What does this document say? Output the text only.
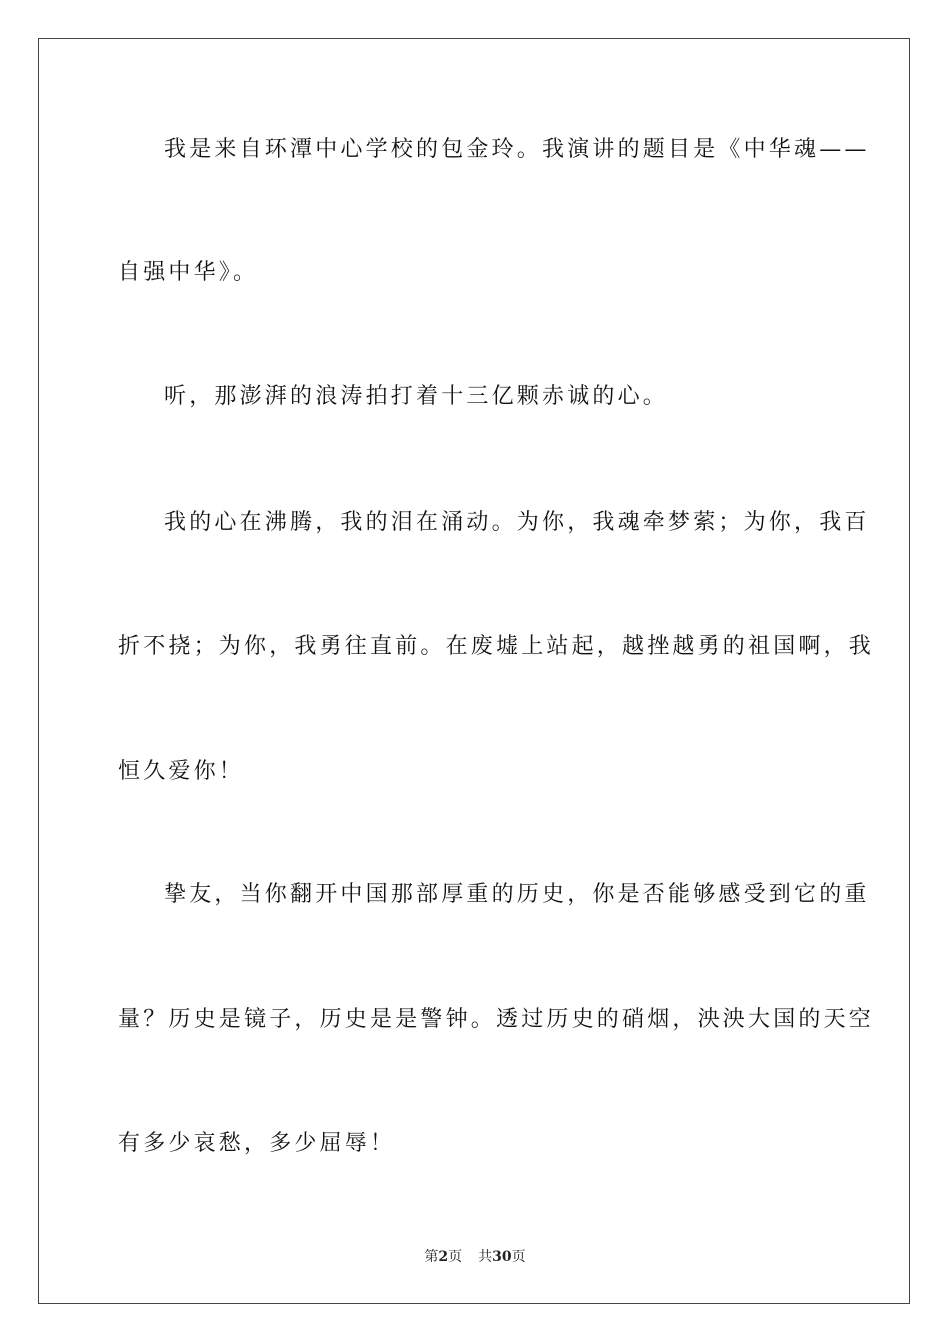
我是来自环潭中心学校的包金玲。我演讲的题目是《中华魂——
自强中华》。
听，那澎湃的浪涛拍打着十三亿颗赤诚的心。
我的心在沸腾，我的泪在涌动。为你，我魂牵梦萦；为你，我百
折不挠；为你，我勇往直前。在废墟上站起，越挫越勇的祖国啊，我
恒久爱你！
挚友，当你翻开中国那部厚重的历史，你是否能够感受到它的重
量？历史是镜子，历史是是警钟。透过历史的硝烟，泱泱大国的天空
有多少哀愁，多少屈辱！
第2页 共30页
